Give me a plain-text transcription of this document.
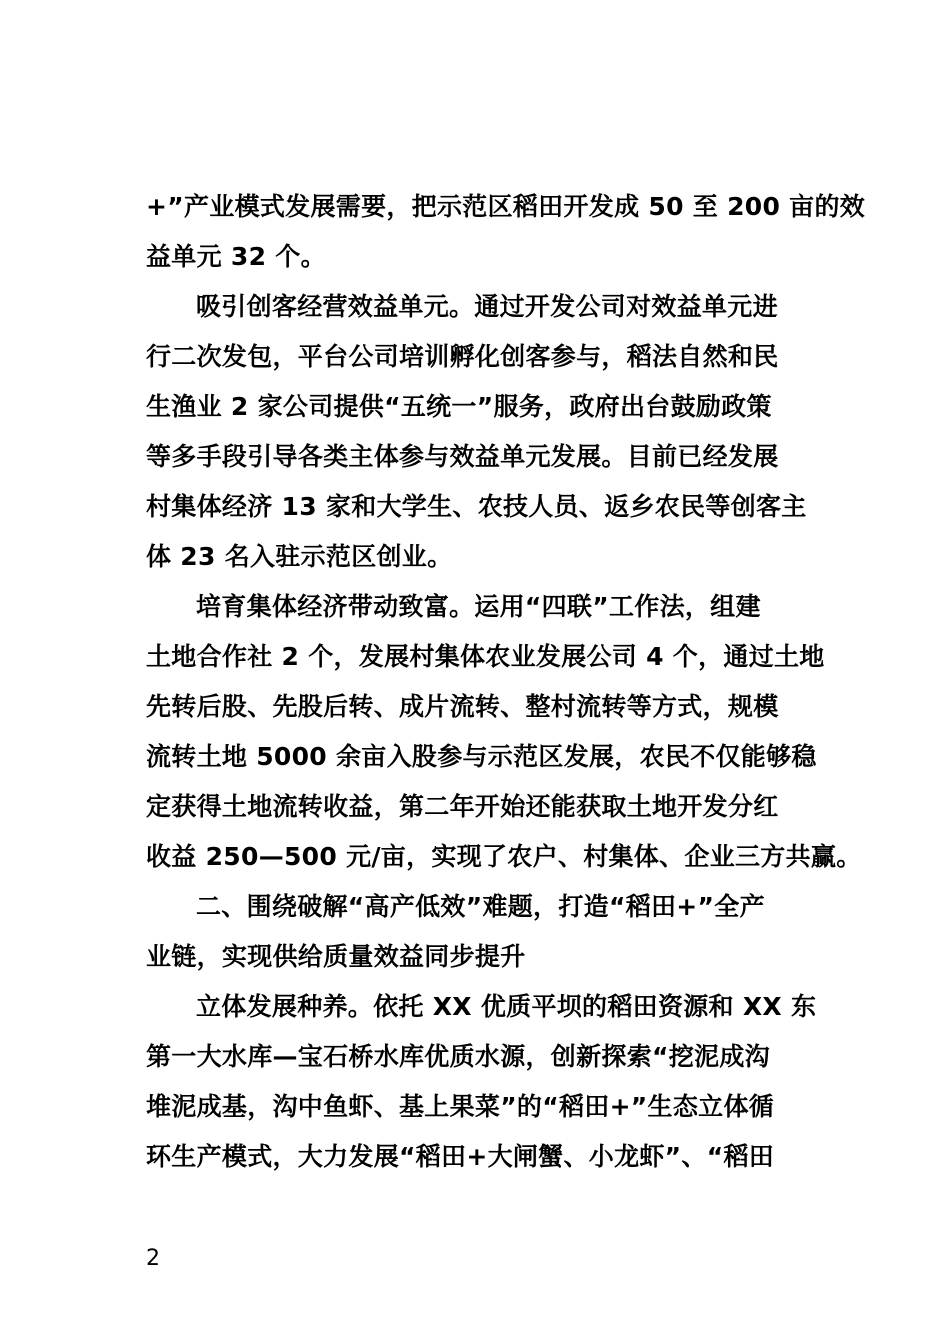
+”产业模式发展需要，把示范区稻田开发成 50 至 200 亩的效
益单元 32 个。
吸引创客经营效益单元。通过开发公司对效益单元进
行二次发包，平台公司培训孵化创客参与，稻法自然和民
生渔业 2 家公司提供“五统一”服务，政府出台鼓励政策
等多手段引导各类主体参与效益单元发展。目前已经发展
村集体经济 13 家和大学生、农技人员、返乡农民等创客主
体 23 名入驻示范区创业。
培育集体经济带动致富。运用“四联”工作法，组建
土地合作社 2 个，发展村集体农业发展公司 4 个，通过土地
先转后股、先股后转、成片流转、整村流转等方式，规模
流转土地 5000 余亩入股参与示范区发展，农民不仅能够稳
定获得土地流转收益，第二年开始还能获取土地开发分红
收益 250—500 元/亩，实现了农户、村集体、企业三方共赢。
二、围绕破解“高产低效”难题，打造“稻田+”全产
业链，实现供给质量效益同步提升
立体发展种养。依托 XX 优质平坝的稻田资源和 XX 东
第一大水库—宝石桥水库优质水源，创新探索“挖泥成沟
堆泥成基，沟中鱼虾、基上果菜”的“稻田+”生态立体循
环生产模式，大力发展“稻田+大闸蟹、小龙虾”、“稻田
2
